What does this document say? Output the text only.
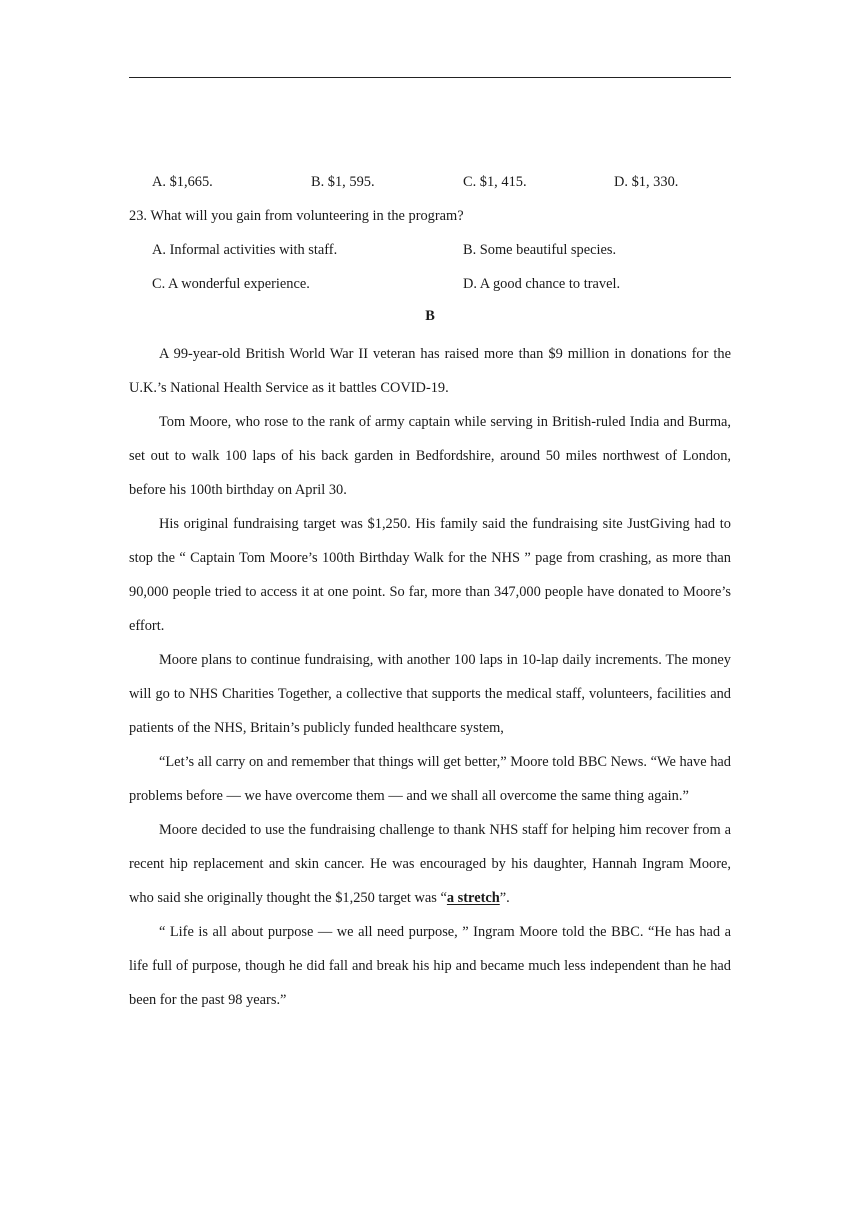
A. $1,665.	B. $1, 595.	C. $1, 415.	D. $1, 330.
23. What will you gain from volunteering in the program?
A. Informal activities with staff.	B. Some beautiful species.
C. A wonderful experience.	D. A good chance to travel.
B

A 99-year-old British World War II veteran has raised more than $9 million in donations for the U.K.’s National Health Service as it battles COVID-19.

Tom Moore, who rose to the rank of army captain while serving in British-ruled India and Burma, set out to walk 100 laps of his back garden in Bedfordshire, around 50 miles northwest of London, before his 100th birthday on April 30.

His original fundraising target was $1,250. His family said the fundraising site JustGiving had to stop the “ Captain Tom Moore’s 100th Birthday Walk for the NHS ” page from crashing, as more than 90,000 people tried to access it at one point. So far, more than 347,000 people have donated to Moore’s effort.

Moore plans to continue fundraising, with another 100 laps in 10-lap daily increments. The money will go to NHS Charities Together, a collective that supports the medical staff, volunteers, facilities and patients of the NHS, Britain’s publicly funded healthcare system,

“Let’s all carry on and remember that things will get better,” Moore told BBC News. “We have had problems before — we have overcome them — and we shall all overcome the same thing again.”

Moore decided to use the fundraising challenge to thank NHS staff for helping him recover from a recent hip replacement and skin cancer. He was encouraged by his daughter, Hannah Ingram Moore, who said she originally thought the $1,250 target was “a stretch”.

“ Life is all about purpose — we all need purpose, ” Ingram Moore told the BBC. “He has had a life full of purpose, though he did fall and break his hip and became much less independent than he had been for the past 98 years.”
